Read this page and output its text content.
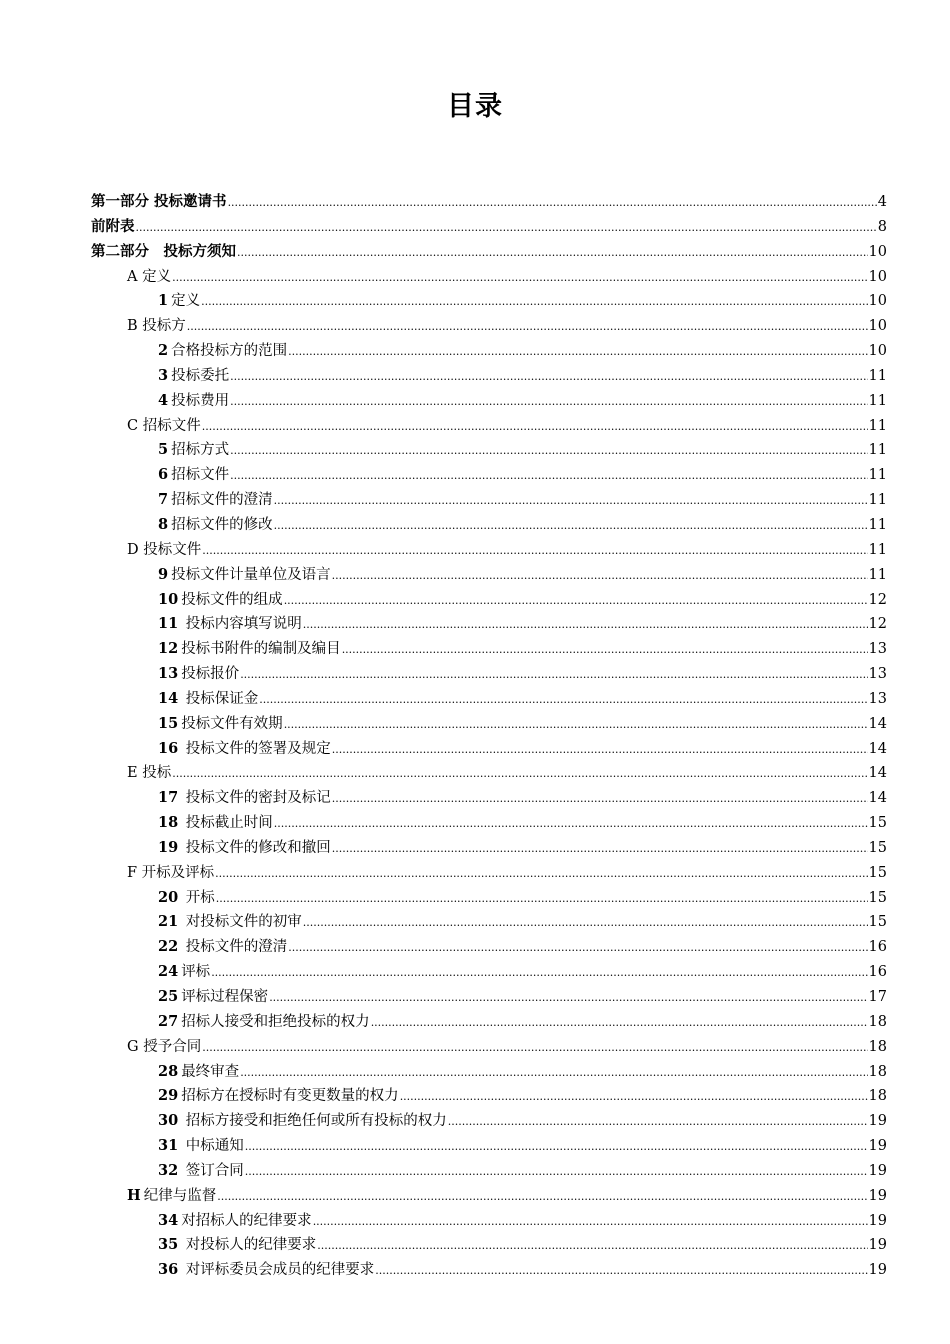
目录
第一部分 投标邀请书 .....	4
前附表 .....	8
第二部分　投标方须知 .....	10
A 定义 .....	10
1 定义 .....	10
B 投标方 .....	10
2 合格投标方的范围 .....	10
3 投标委托 .....	11
4 投标费用 .....	11
C 招标文件 .....	11
5 招标方式 .....	11
6 招标文件 .....	11
7 招标文件的澄清 .....	11
8 招标文件的修改 .....	11
D 投标文件 .....	11
9 投标文件计量单位及语言 .....	11
10 投标文件的组成 .....	12
11 投标内容填写说明 .....	12
12 投标书附件的编制及编目 .....	13
13 投标报价 .....	13
14 投标保证金 .....	13
15 投标文件有效期 .....	14
16 投标文件的签署及规定 .....	14
E 投标 .....	14
17 投标文件的密封及标记 .....	14
18 投标截止时间 .....	15
19 投标文件的修改和撤回 .....	15
F 开标及评标 .....	15
20 开标 .....	15
21 对投标文件的初审 .....	15
22 投标文件的澄清 .....	16
24 评标 .....	16
25 评标过程保密 .....	17
27 招标人接受和拒绝投标的权力 .....	18
G 授予合同 .....	18
28 最终审查 .....	18
29 招标方在授标时有变更数量的权力 .....	18
30 招标方接受和拒绝任何或所有投标的权力 .....	19
31 中标通知 .....	19
32 签订合同 .....	19
H 纪律与监督 .....	19
34 对招标人的纪律要求 .....	19
35 对投标人的纪律要求 .....	19
36 对评标委员会成员的纪律要求 .....	19
